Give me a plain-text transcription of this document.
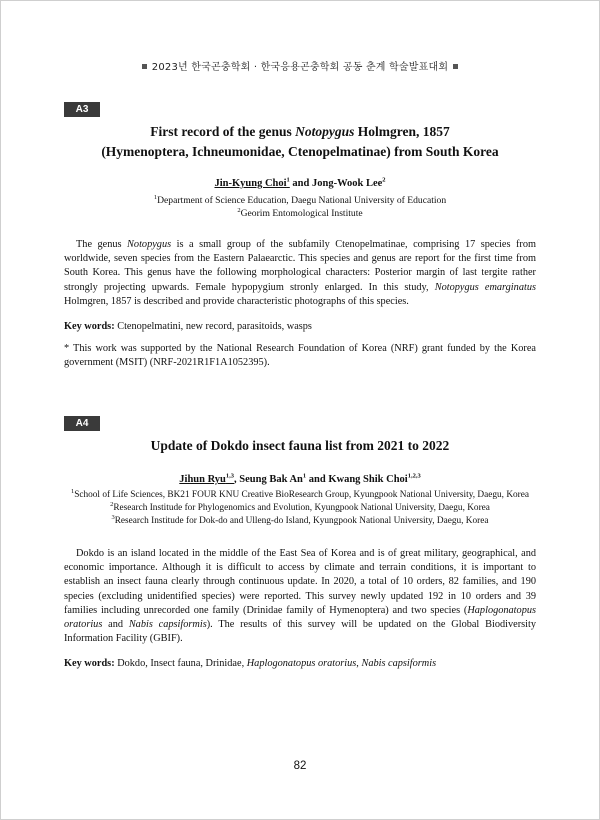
2023년 한국곤충학회 · 한국응용곤충학회 공동 춘계 학술발표대회
A3
First record of the genus Notopygus Holmgren, 1857
(Hymenoptera, Ichneumonidae, Ctenopelmatinae) from South Korea
Jin-Kyung Choi$^1$ and Jong-Wook Lee$^2$
$^1$Department of Science Education, Daegu National University of Education
$^2$Georim Entomological Institute
The genus Notopygus is a small group of the subfamily Ctenopelmatinae, comprising 17 species from worldwide, seven species from the Eastern Palaearctic. This species and genus are report for the first time from South Korea. This genus have the following morphological characters: Posterior margin of last tergite rather strongly projecting upwards. Female hypopygium stronly enlarged. In this study, Notopygus emarginatus Holmgren, 1857 is described and provide characteristic photographs of this species.
Key words: Ctenopelmatini, new record, parasitoids, wasps
* This work was supported by the National Research Foundation of Korea (NRF) grant funded by the Korea government (MSIT) (NRF-2021R1F1A1052395).
A4
Update of Dokdo insect fauna list from 2021 to 2022
Jihun Ryu$^{1,3}$, Seung Bak An$^1$ and Kwang Shik Choi$^{1,2,3}$
$^1$School of Life Sciences, BK21 FOUR KNU Creative BioResearch Group, Kyungpook National University, Daegu, Korea
$^2$Research Institude for Phylogenomics and Evolution, Kyungpook National University, Daegu, Korea
$^3$Research Institude for Dok-do and Ulleng-do Island, Kyungpook National University, Daegu, Korea
Dokdo is an island located in the middle of the East Sea of Korea and is of great military, geographical, and economic importance. Although it is difficult to access by climate and terrain conditions, it is important to establish an insect fauna clearly through continuous update. In 2020, a total of 10 orders, 82 families, and 190 species (excluding unidentified species) were reported. This survey newly updated 192 in 10 orders and 39 families including unrecorded one family (Drinidae family of Hymenoptera) and two species (Haplogonatopus oratorius and Nabis capsiformis). The results of this survey will be updated on the Global Biodiversity Information Facility (GBIF).
Key words: Dokdo, Insect fauna, Drinidae, Haplogonatopus oratorius, Nabis capsiformis
82
